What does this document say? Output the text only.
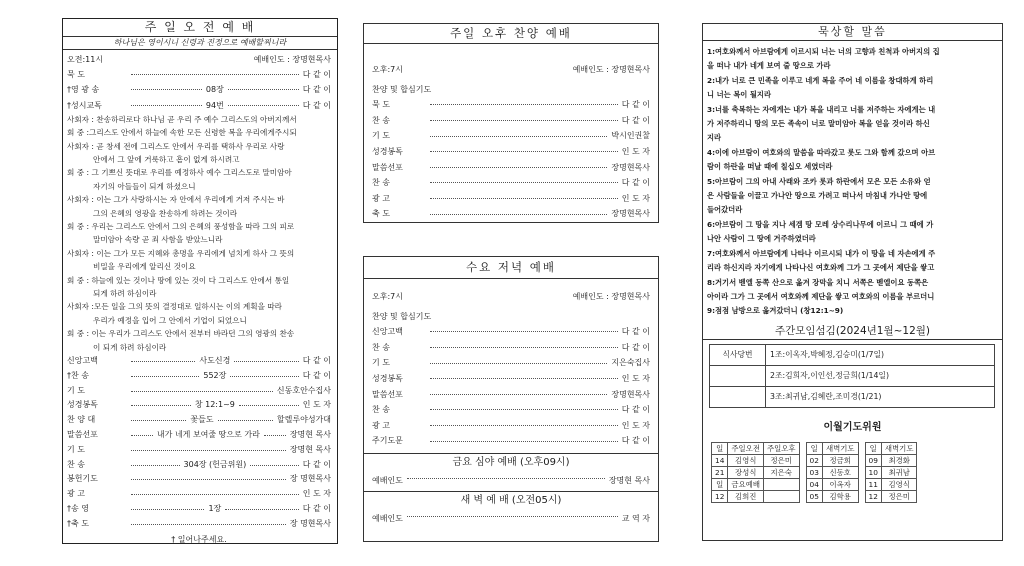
주 일 오 전 예 배
하나님은 영이시니 신령과 진정으로 예배할찌니라
오전:11시	예배인도 : 장명현목사
묵 도	다 같 이
†영 광 송	08장	다 같 이
†성시교독	94번	다 같 이
사회자 : 찬송하리로다 하나님 곧 우리 주 예수 그리스도의 아버지께서
회 중 :그리스도 안에서 하늘에 속한 모든 신령한 복을 우리에게주시되
사회자 : 곧 창세 전에 그리스도 안에서 우리를 택하사 우리로 사랑
안에서 그 앞에 거룩하고 흠이 없게 하시려고
회 중 : 그 기쁘신 뜻대로 우리를 예정하사 예수 그리스도로 말미암아
자기의 아들들이 되게 하셨으니
사회자 : 이는 그가 사랑하시는 자 안에서 우리에게 거저 주시는 바
그의 은혜의 영광을 찬송하게 하려는 것이라
회 중 : 우리는 그리스도 안에서 그의 은혜의 풍성함을 따라 그의 피로
말미암아 속량 곧 죄 사함을 받았느니라
사회자 : 이는 그가 모든 지혜와 총명을 우리에게 넘치게 하사 그 뜻의
비밀을 우리에게 알리신 것이요
회 중 : 하늘에 있는 것이나 땅에 있는 것이 다 그리스도 안에서 통일
되게 하려 하심이라
사회자 :모든 일을 그의 뜻의 결정대로 일하시는 이의 계획을 따라
우리가 예정을 입어 그 안에서 기업이 되었으니
회 중 : 이는 우리가 그리스도 안에서 전부터 바라던 그의 영광의 찬송
이 되게 하려 하심이라
신앙고백	사도신경	다 같 이
†찬 송	552장	다 같 이
기 도	신동호안수집사
성경봉독	창 12:1~9	인 도 자
찬 양 대	꽃들도	할렐루야성가대
말씀선포	내가 네게 보여줄 땅으로 가라	장명현 목사
기 도	장명현 목사
찬 송	304장 (헌금위원)	다 같 이
봉헌기도	장 명현목사
광 고	인 도 자
†송 영	1장	다 같 이
†축 도	장 명현목사
† 일어나주세요.
주일 오후 찬양 예배
오후:7시	예배인도 : 장명현목사
찬양 및 합심기도
묵 도	다 같 이
찬 송	다 같 이
기 도	박시인권찰
성경봉독	인 도 자
말씀선포	장명현목사
찬 송	다 같 이
광 고	인 도 자
축 도	장명현목사
수요 저녁 예배
오후:7시	예배인도 : 장명현목사
찬양 및 합심기도
신앙고백	다 같 이
찬 송	다 같 이
기 도	지은숙집사
성경봉독	인 도 자
말씀선포	장명현목사
찬 송	다 같 이
광 고	인 도 자
주기도문	다 같 이
금요 심야 예배 (오후09시)
예배인도	장명현 목사
새 벽 예 배 (오전05시)
예배인도	교 역 자
묵상할 말씀
1:여호와께서 아브람에게 이르시되 너는 너의 고향과 친척과 아버지의 집
을 떠나 내가 네게 보여 줄 땅으로 가라
2:내가 너로 큰 민족을 이루고 네게 복을 주어 네 이름을 창대하게 하리
니 너는 복이 될지라
3:너를 축복하는 자에게는 내가 복을 내리고 너를 저주하는 자에게는 내
가 저주하리니 땅의 모든 족속이 너로 말미암아 복을 얻을 것이라 하신
지라
4:이에 아브람이 여호와의 말씀을 따라갔고 롯도 그와 함께 갔으며 아브
람이 하란을 떠날 때에 칠십오 세였더라
5:아브람이 그의 아내 사래와 조카 롯과 하란에서 모은 모든 소유와 얻
은 사람들을 이끌고 가나안 땅으로 가려고 떠나서 마침내 가나안 땅에
들어갔더라
6:아브람이 그 땅을 지나 세겜 땅 모레 상수리나무에 이르니 그 때에 가
나안 사람이 그 땅에 거주하였더라
7:여호와께서 아브람에게 나타나 이르시되 내가 이 땅을 네 자손에게 주
리라 하신지라 자기에게 나타나신 여호와께 그가 그 곳에서 제단을 쌓고
8:거기서 벧엘 동쪽 산으로 옮겨 장막을 치니 서쪽은 벧엘이요 동쪽은
아이라 그가 그 곳에서 여호와께 제단을 쌓고 여호와의 이름을 부르더니
9:점점 남방으로 옮겨갔더니 (창12:1~9)
주간모임섬김(2024년1월~12월)
식사당번	1조:이옥자,박혜정,김승미(1/7일)
	2조:김희자,이인선,정금희(1/14일)
	3조:최귀남,김혜란,조미경(1/21)
이월기도위원
일	주일오전	주일오후		일	새벽기도		일	새벽기도
14	김영식	정은미		02	정금희		09	최경화
21	장성식	지은숙		03	신동호		10	최귀남
일	금요예배			04	이옥자		11	김영식
12	김희진			05	김학용		12	정은미
